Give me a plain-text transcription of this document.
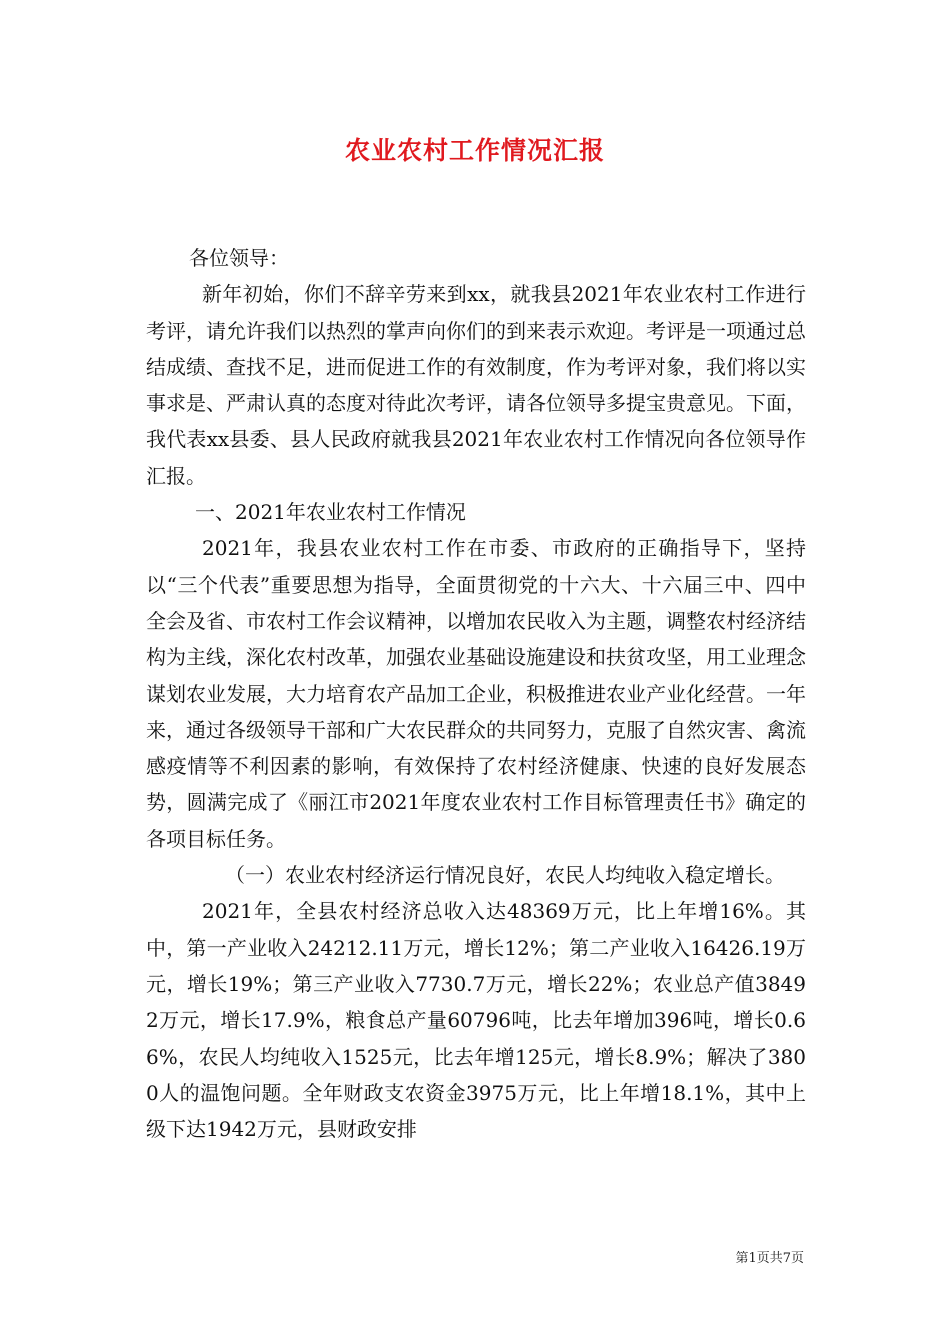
农业农村工作情况汇报

各位领导：

新年初始，你们不辞辛劳来到xx，就我县2021年农业农村工作进行考评，请允许我们以热烈的掌声向你们的到来表示欢迎。考评是一项通过总结成绩、查找不足，进而促进工作的有效制度，作为考评对象，我们将以实事求是、严肃认真的态度对待此次考评，请各位领导多提宝贵意见。下面，我代表xx县委、县人民政府就我县2021年农业农村工作情况向各位领导作汇报。

一、2021年农业农村工作情况

2021年，我县农业农村工作在市委、市政府的正确指导下，坚持以“三个代表”重要思想为指导，全面贯彻党的十六大、十六届三中、四中全会及省、市农村工作会议精神，以增加农民收入为主题，调整农村经济结构为主线，深化农村改革，加强农业基础设施建设和扶贫攻坚，用工业理念谋划农业发展，大力培育农产品加工企业，积极推进农业产业化经营。一年来，通过各级领导干部和广大农民群众的共同努力，克服了自然灾害、禽流感疫情等不利因素的影响，有效保持了农村经济健康、快速的良好发展态势，圆满完成了《丽江市2021年度农业农村工作目标管理责任书》确定的各项目标任务。

（一）农业农村经济运行情况良好，农民人均纯收入稳定增长。

2021年，全县农村经济总收入达48369万元，比上年增16%。其中，第一产业收入24212.11万元，增长12%；第二产业收入16426.19万元，增长19%；第三产业收入7730.7万元，增长22%；农业总产值38492万元，增长17.9%，粮食总产量60796吨，比去年增加396吨，增长0.66%，农民人均纯收入1525元，比去年增125元，增长8.9%；解决了3800人的温饱问题。全年财政支农资金3975万元，比上年增18.1%，其中上级下达1942万元，县财政安排

第1页共7页
